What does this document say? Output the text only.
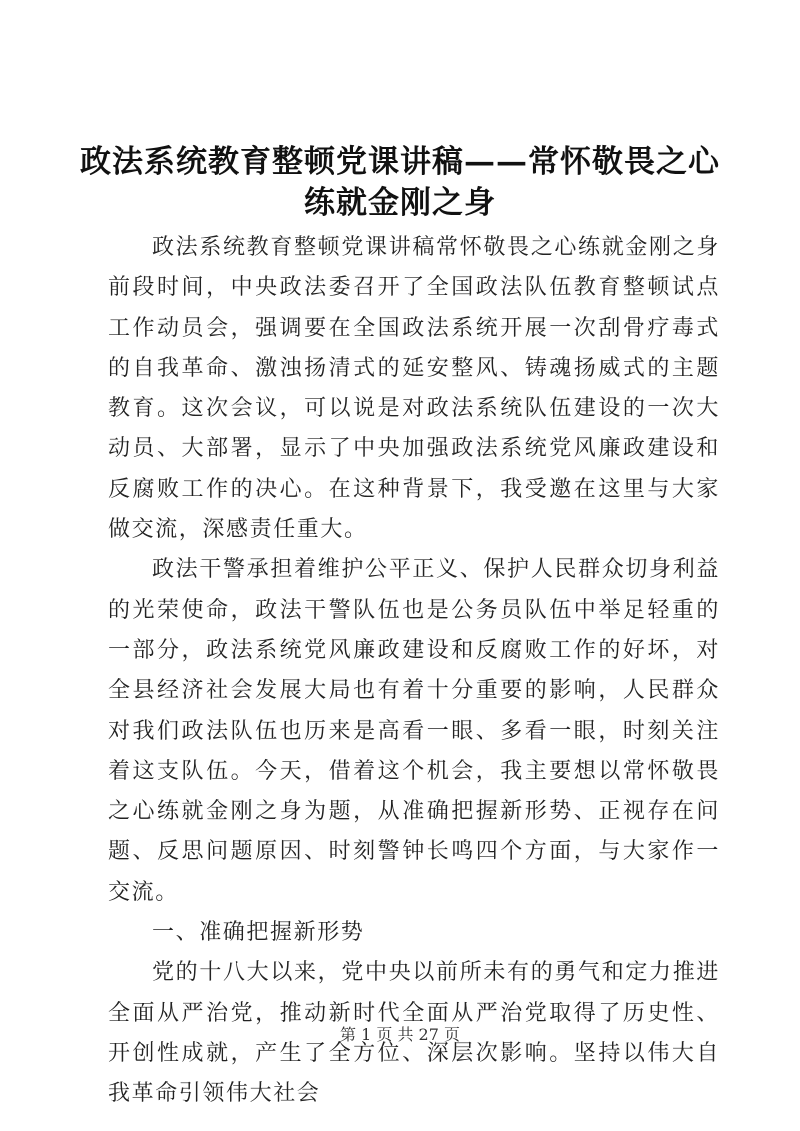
政法系统教育整顿党课讲稿——常怀敬畏之心
练就金刚之身

政法系统教育整顿党课讲稿常怀敬畏之心练就金刚之身前段时间，中央政法委召开了全国政法队伍教育整顿试点工作动员会，强调要在全国政法系统开展一次刮骨疗毒式的自我革命、激浊扬清式的延安整风、铸魂扬威式的主题教育。这次会议，可以说是对政法系统队伍建设的一次大动员、大部署，显示了中央加强政法系统党风廉政建设和反腐败工作的决心。在这种背景下，我受邀在这里与大家做交流，深感责任重大。

政法干警承担着维护公平正义、保护人民群众切身利益的光荣使命，政法干警队伍也是公务员队伍中举足轻重的一部分，政法系统党风廉政建设和反腐败工作的好坏，对全县经济社会发展大局也有着十分重要的影响，人民群众对我们政法队伍也历来是高看一眼、多看一眼，时刻关注着这支队伍。今天，借着这个机会，我主要想以常怀敬畏之心练就金刚之身为题，从准确把握新形势、正视存在问题、反思问题原因、时刻警钟长鸣四个方面，与大家作一交流。

一、准确把握新形势

党的十八大以来，党中央以前所未有的勇气和定力推进全面从严治党，推动新时代全面从严治党取得了历史性、开创性成就，产生了全方位、深层次影响。坚持以伟大自我革命引领伟大社会

第 1 页 共 27 页
